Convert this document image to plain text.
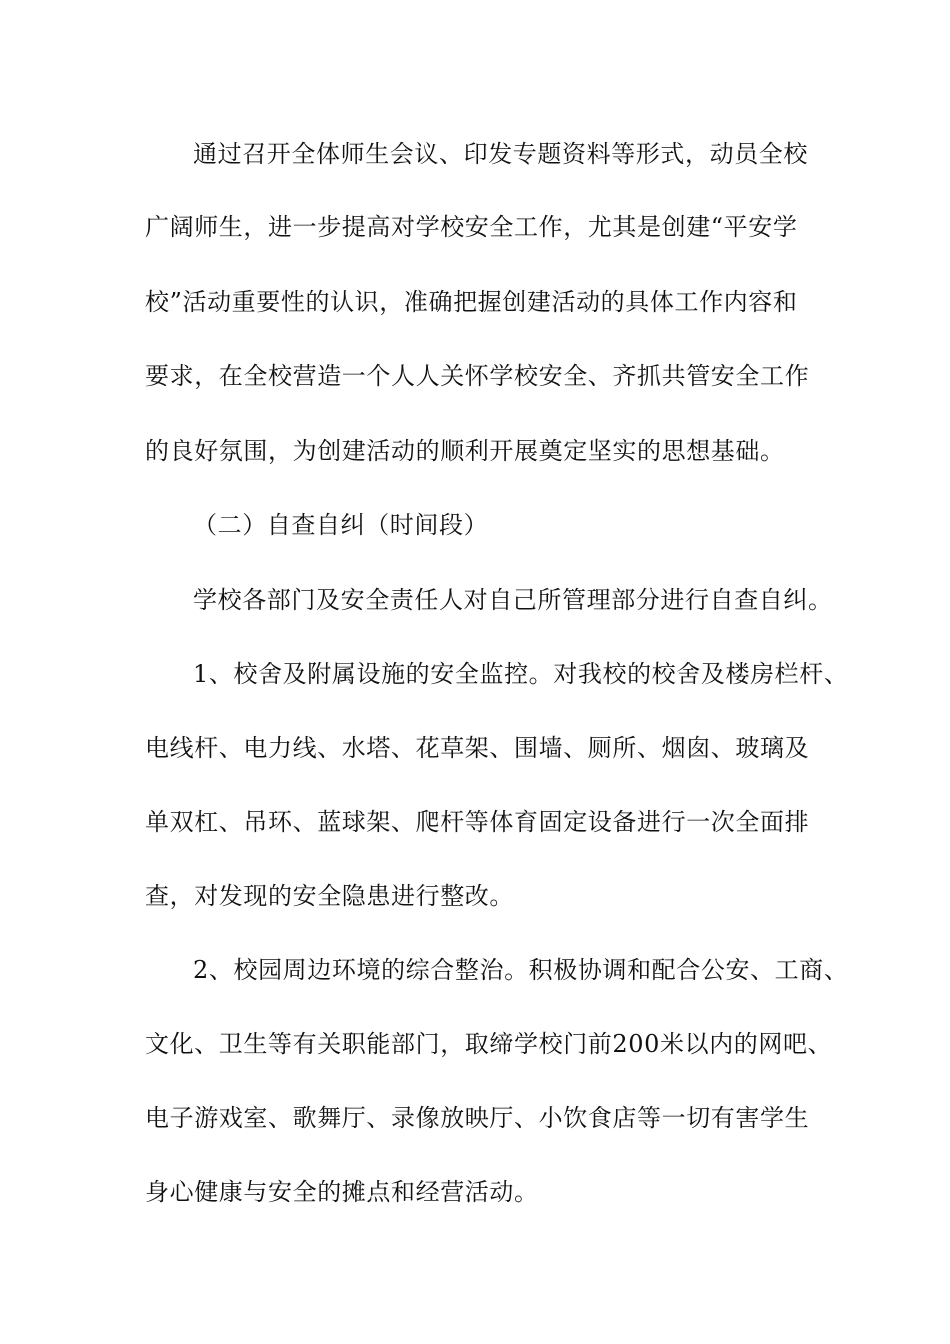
通过召开全体师生会议、印发专题资料等形式，动员全校
广阔师生，进一步提高对学校安全工作，尤其是创建“平安学
校”活动重要性的认识，准确把握创建活动的具体工作内容和
要求，在全校营造一个人人关怀学校安全、齐抓共管安全工作
的良好氛围，为创建活动的顺利开展奠定坚实的思想基础。
（二）自查自纠（时间段）
学校各部门及安全责任人对自己所管理部分进行自查自纠。
1、校舍及附属设施的安全监控。对我校的校舍及楼房栏杆、
电线杆、电力线、水塔、花草架、围墙、厕所、烟囱、玻璃及
单双杠、吊环、蓝球架、爬杆等体育固定设备进行一次全面排
查，对发现的安全隐患进行整改。
2、校园周边环境的综合整治。积极协调和配合公安、工商、
文化、卫生等有关职能部门，取缔学校门前200米以内的网吧、
电子游戏室、歌舞厅、录像放映厅、小饮食店等一切有害学生
身心健康与安全的摊点和经营活动。
